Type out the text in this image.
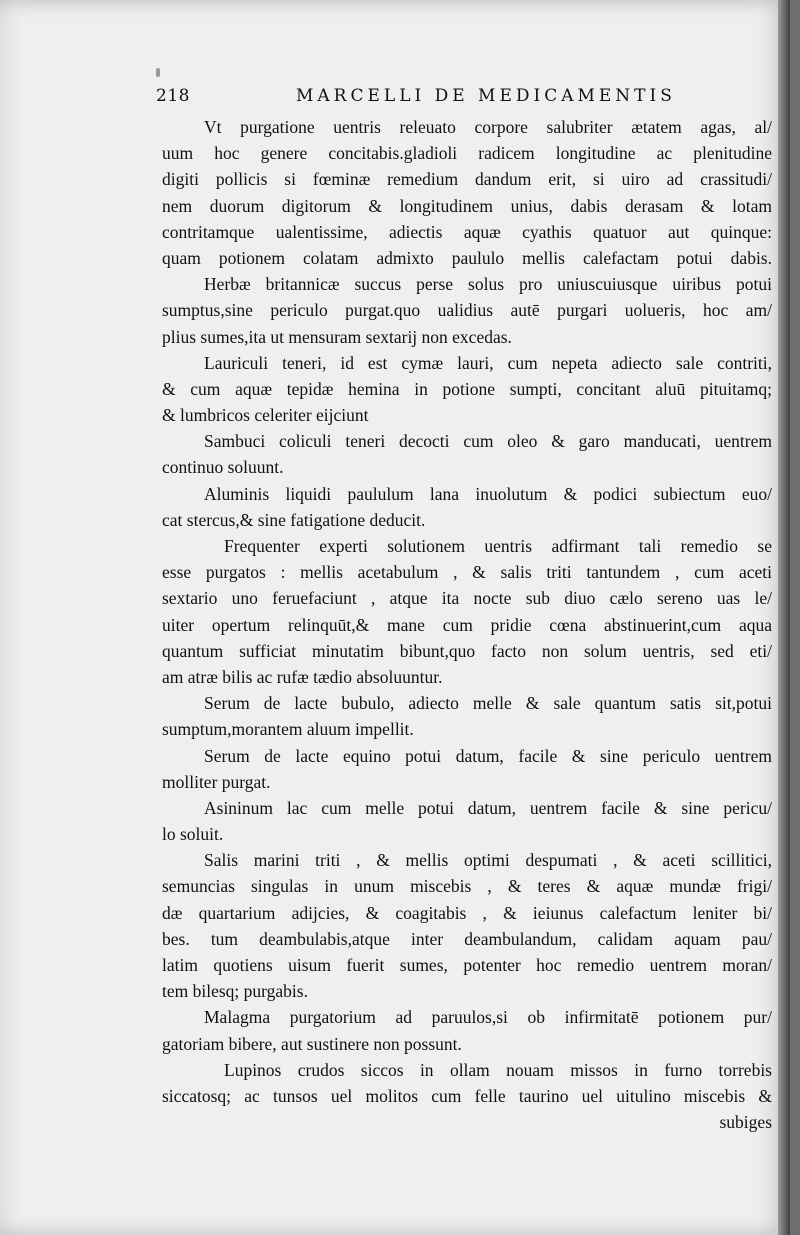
218	MARCELLI DE MEDICAMENTIS
Vt purgatione uentris releuato corpore salubriter ætatem agas, al/
uum hoc genere concitabis.gladioli radicem longitudine ac plenitudine
digiti pollicis si fœminæ remedium dandum erit, si uiro ad crassitudi/
nem duorum digitorum & longitudinem unius, dabis derasam & lotam
contritamque ualentissime, adiectis aquæ cyathis quatuor aut quinque:
quam potionem colatam admixto paululo mellis calefactam potui dabis.
Herbæ britannicæ succus perse solus pro uniuscuiusque uiribus potui
sumptus,sine periculo purgat.quo ualidius autē purgari uolueris, hoc am/
plius sumes,ita ut mensuram sextarij non excedas.
Lauriculi teneri, id est cymæ lauri, cum nepeta adiecto sale contriti,
& cum aquæ tepidæ hemina in potione sumpti, concitant aluū pituitamq;
& lumbricos celeriter eijciunt
Sambuci coliculi teneri decocti cum oleo & garo manducati, uentrem
continuo soluunt.
Aluminis liquidi paululum lana inuolutum & podici subiectum euo/
cat stercus,& sine fatigatione deducit.
Frequenter experti solutionem uentris adfirmant tali remedio se
esse purgatos : mellis acetabulum , & salis triti tantundem , cum aceti
sextario uno feruefaciunt , atque ita nocte sub diuo cælo sereno uas le/
uiter opertum relinquūt,& mane cum pridie cœna abstinuerint,cum aqua
quantum sufficiat minutatim bibunt,quo facto non solum uentris, sed eti/
am atræ bilis ac rufæ tædio absoluuntur.
Serum de lacte bubulo, adiecto melle & sale quantum satis sit,potui
sumptum,morantem aluum impellit.
Serum de lacte equino potui datum, facile & sine periculo uentrem
molliter purgat.
Asininum lac cum melle potui datum, uentrem facile & sine pericu/
lo soluit.
Salis marini triti , & mellis optimi despumati , & aceti scillitici,
semuncias singulas in unum miscebis , & teres & aquæ mundæ frigi/
dæ quartarium adijcies, & coagitabis , & ieiunus calefactum leniter bi/
bes. tum deambulabis,atque inter deambulandum, calidam aquam pau/
latim quotiens uisum fuerit sumes, potenter hoc remedio uentrem moran/
tem bilesq; purgabis.
Malagma purgatorium ad paruulos,si ob infirmitatē potionem pur/
gatoriam bibere, aut sustinere non possunt.
Lupinos crudos siccos in ollam nouam missos in furno torrebis
siccatosq; ac tunsos uel molitos cum felle taurino uel uitulino miscebis &
subiges
